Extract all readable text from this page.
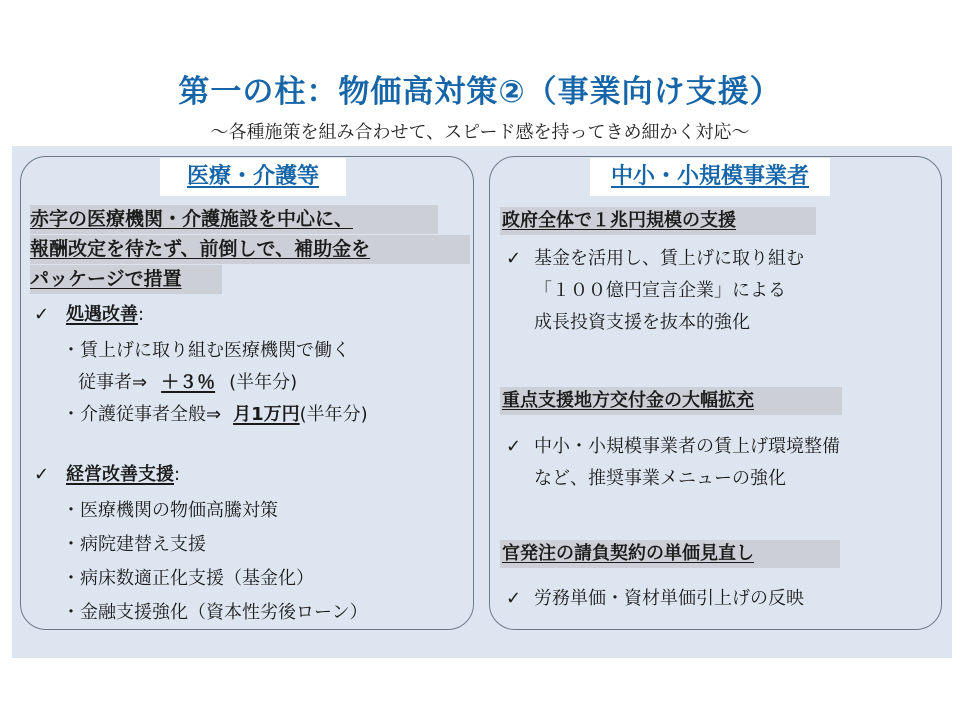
第一の柱：物価高対策②（事業向け支援）
～各種施策を組み合わせて、スピード感を持ってきめ細かく対応～
医療・介護等
赤字の医療機関・介護施設を中心に、
報酬改定を待たず、前倒しで、補助金を
パッケージで措置
✓ 処遇改善:
・賃上げに取り組む医療機関で働く
従事者⇒ ＋３％ (半年分)
・介護従事者全般⇒ 月1万円(半年分)
✓ 経営改善支援:
・医療機関の物価高騰対策
・病院建替え支援
・病床数適正化支援（基金化）
・金融支援強化（資本性劣後ローン）
中小・小規模事業者
政府全体で１兆円規模の支援
✓ 基金を活用し、賃上げに取り組む
「１００億円宣言企業」による
成長投資支援を抜本的強化
重点支援地方交付金の大幅拡充
✓ 中小・小規模事業者の賃上げ環境整備
など、推奨事業メニューの強化
官発注の請負契約の単価見直し
✓ 労務単価・資材単価引上げの反映
